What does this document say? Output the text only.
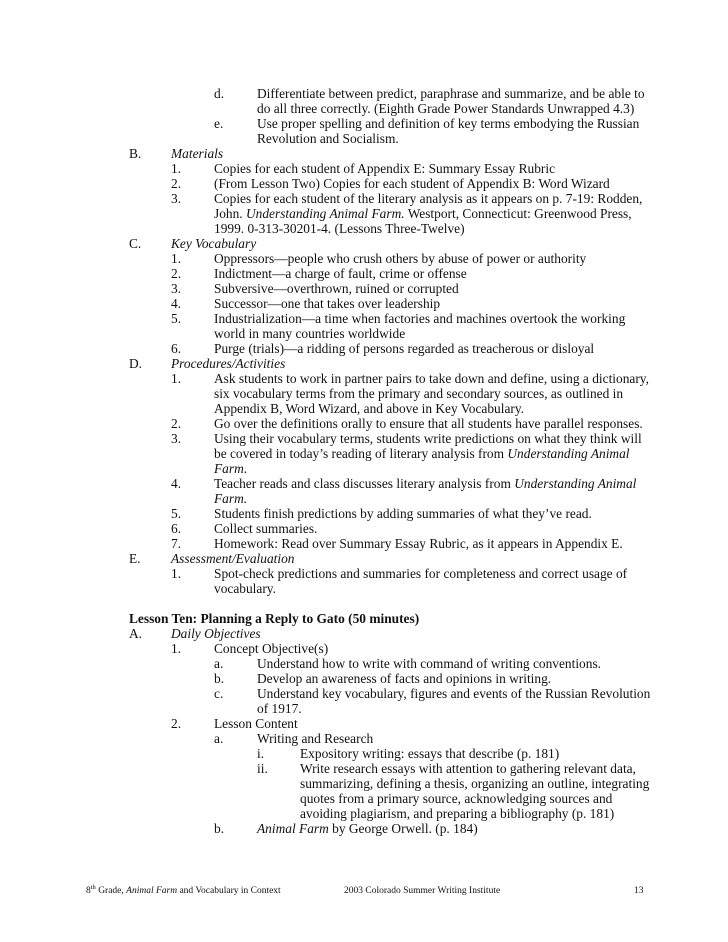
d. Differentiate between predict, paraphrase and summarize, and be able to
do all three correctly. (Eighth Grade Power Standards Unwrapped 4.3)
e.	Use proper spelling and definition of key terms embodying the Russian
Revolution and Socialism.
B. Materials
1. Copies for each student of Appendix E: Summary Essay Rubric
2. (From Lesson Two) Copies for each student of Appendix B: Word Wizard
3. Copies for each student of the literary analysis as it appears on p. 7-19: Rodden,
John. Understanding Animal Farm. Westport, Connecticut: Greenwood Press,
1999. 0-313-30201-4. (Lessons Three-Twelve)
C. Key Vocabulary
1. Oppressors—people who crush others by abuse of power or authority
2. Indictment—a charge of fault, crime or offense
3. Subversive—overthrown, ruined or corrupted
4. Successor—one that takes over leadership
5. Industrialization—a time when factories and machines overtook the working
world in many countries worldwide
6. Purge (trials)—a ridding of persons regarded as treacherous or disloyal
D. Procedures/Activities
1. Ask students to work in partner pairs to take down and define, using a dictionary,
six vocabulary terms from the primary and secondary sources, as outlined in
Appendix B, Word Wizard, and above in Key Vocabulary.
2. Go over the definitions orally to ensure that all students have parallel responses.
3. Using their vocabulary terms, students write predictions on what they think will
be covered in today’s reading of literary analysis from Understanding Animal
Farm.
4. Teacher reads and class discusses literary analysis from Understanding Animal
Farm.
5. Students finish predictions by adding summaries of what they’ve read.
6. Collect summaries.
7. Homework: Read over Summary Essay Rubric, as it appears in Appendix E.
E. Assessment/Evaluation
1. Spot-check predictions and summaries for completeness and correct usage of
vocabulary.
Lesson Ten: Planning a Reply to Gato (50 minutes)
A. Daily Objectives
1. Concept Objective(s)
a.	Understand how to write with command of writing conventions.
b. Develop an awareness of facts and opinions in writing.
c.	Understand key vocabulary, figures and events of the Russian Revolution
of 1917.
2. Lesson Content
a.	Writing and Research
i.	Expository writing: essays that describe (p. 181)
ii. Write research essays with attention to gathering relevant data,
summarizing, defining a thesis, organizing an outline, integrating
quotes from a primary source, acknowledging sources and
avoiding plagiarism, and preparing a bibliography (p. 181)
b. Animal Farm by George Orwell. (p. 184)
8th Grade, Animal Farm and Vocabulary in Context	2003 Colorado Summer Writing Institute	13
